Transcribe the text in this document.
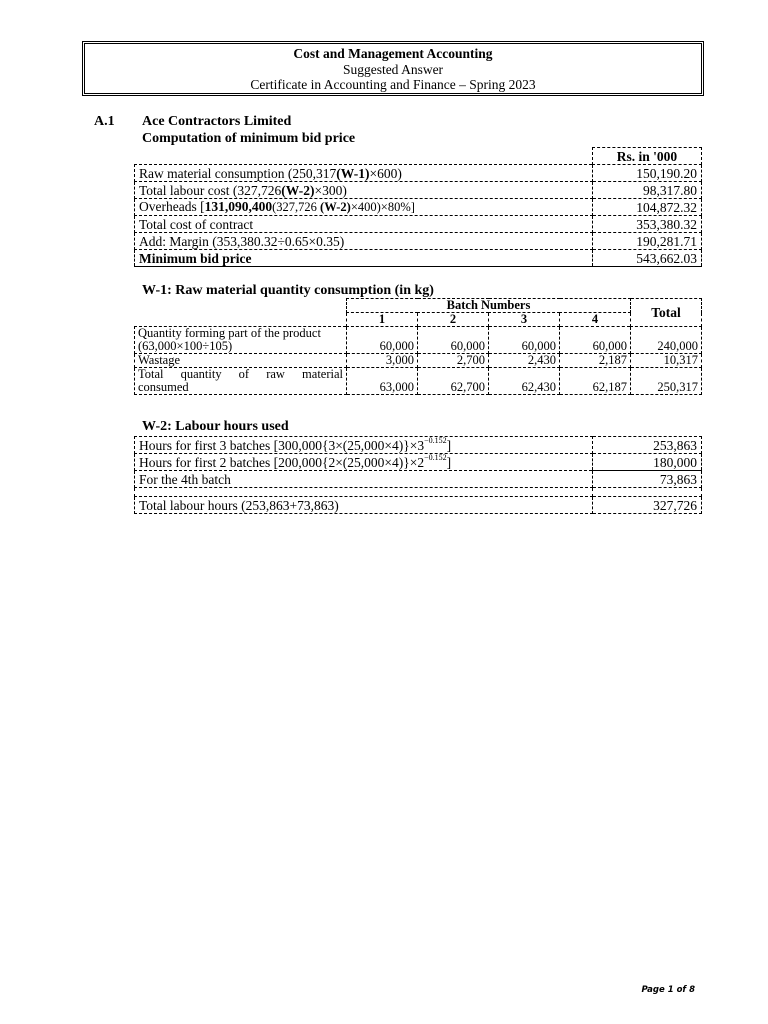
Cost and Management Accounting
Suggested Answer
Certificate in Accounting and Finance – Spring 2023
A.1 Ace Contractors Limited
Computation of minimum bid price
	Rs. in '000
Raw material consumption (250,317(W-1)×600)	150,190.20
Total labour cost (327,726(W-2)×300)	98,317.80
Overheads [131,090,400(327,726 (W-2)×400)×80%]	104,872.32
Total cost of contract	353,380.32
Add: Margin (353,380.32÷0.65×0.35)	190,281.71
Minimum bid price	543,662.03
W-1: Raw material quantity consumption (in kg)
	Batch Numbers				Total
	1	2	3	4	

Quantity forming part of the product
(63,000×100÷105)	60,000	60,000	60,000	60,000	240,000
Wastage	3,000	2,700	2,430	2,187	10,317

Total quantity of raw material
consumed	63,000	62,700	62,430	62,187	250,317
W-2: Labour hours used
Hours for first 3 batches $[300,000\{3\times(25,000\times 4)\}\times 3^{-0.152}]$	253,863
Hours for first 2 batches $[200,000\{2\times(25,000\times 4)\}\times 2^{-0.152}]$	180,000
For the 4th batch	73,863

Total labour hours (253,863+73,863)	327,726
Page 1 of 8
